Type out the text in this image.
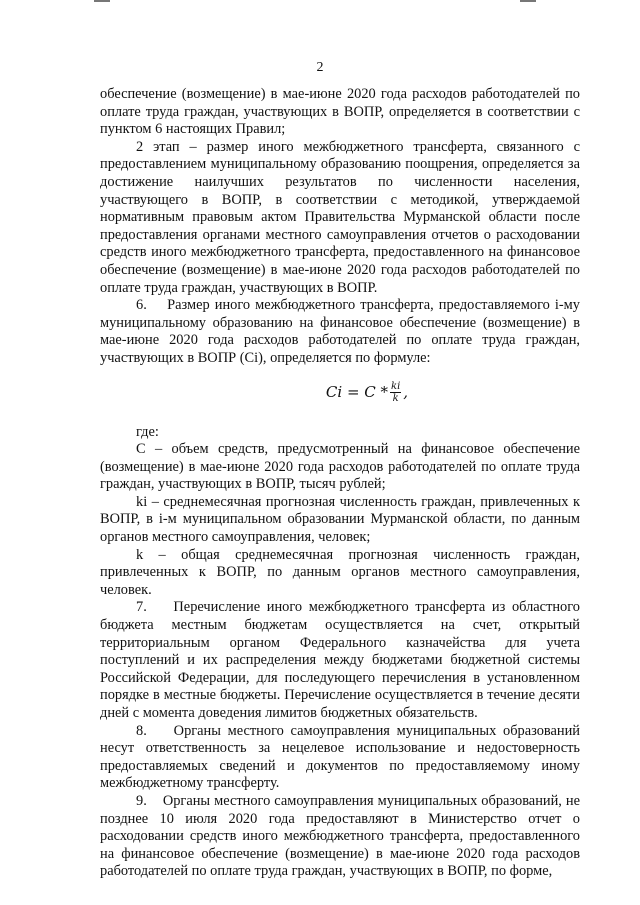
2

обеспечение (возмещение) в мае-июне 2020 года расходов работодателей по оплате труда граждан, участвующих в ВОПР, определяется в соответствии с пунктом 6 настоящих Правил;

2 этап – размер иного межбюджетного трансферта, связанного с предоставлением муниципальному образованию поощрения, определяется за достижение наилучших результатов по численности населения, участвующего в ВОПР, в соответствии с методикой, утверждаемой нормативным правовым актом Правительства Мурманской области после предоставления органами местного самоуправления отчетов о расходовании средств иного межбюджетного трансферта, предоставленного на финансовое обеспечение (возмещение) в мае-июне 2020 года расходов работодателей по оплате труда граждан, участвующих в ВОПР.

6.    Размер иного межбюджетного трансферта, предоставляемого i-му муниципальному образованию на финансовое обеспечение (возмещение) в мае-июне 2020 года расходов работодателей по оплате труда граждан, участвующих в ВОПР (Ci), определяется по формуле:

$Ci = C * \frac{ki}{k}$ ,

где:

C – объем средств, предусмотренный на финансовое обеспечение (возмещение) в мае-июне 2020 года расходов работодателей по оплате труда граждан, участвующих в ВОПР, тысяч рублей;

ki – среднемесячная прогнозная численность граждан, привлеченных к ВОПР, в i-м муниципальном образовании Мурманской области, по данным органов местного самоуправления, человек;

k – общая среднемесячная прогнозная численность граждан, привлеченных к ВОПР, по данным органов местного самоуправления, человек.

7.    Перечисление иного межбюджетного трансферта из областного бюджета местным бюджетам осуществляется на счет, открытый территориальным органом Федерального казначейства для учета поступлений и их распределения между бюджетами бюджетной системы Российской Федерации, для последующего перечисления в установленном порядке в местные бюджеты. Перечисление осуществляется в течение десяти дней с момента доведения лимитов бюджетных обязательств.

8.    Органы местного самоуправления муниципальных образований несут ответственность за нецелевое использование и недостоверность предоставляемых сведений и документов по предоставляемому иному межбюджетному трансферту.

9.    Органы местного самоуправления муниципальных образований, не позднее 10 июля 2020 года предоставляют в Министерство отчет о расходовании средств иного межбюджетного трансферта, предоставленного на финансовое обеспечение (возмещение) в мае-июне 2020 года расходов работодателей по оплате труда граждан, участвующих в ВОПР, по форме,
